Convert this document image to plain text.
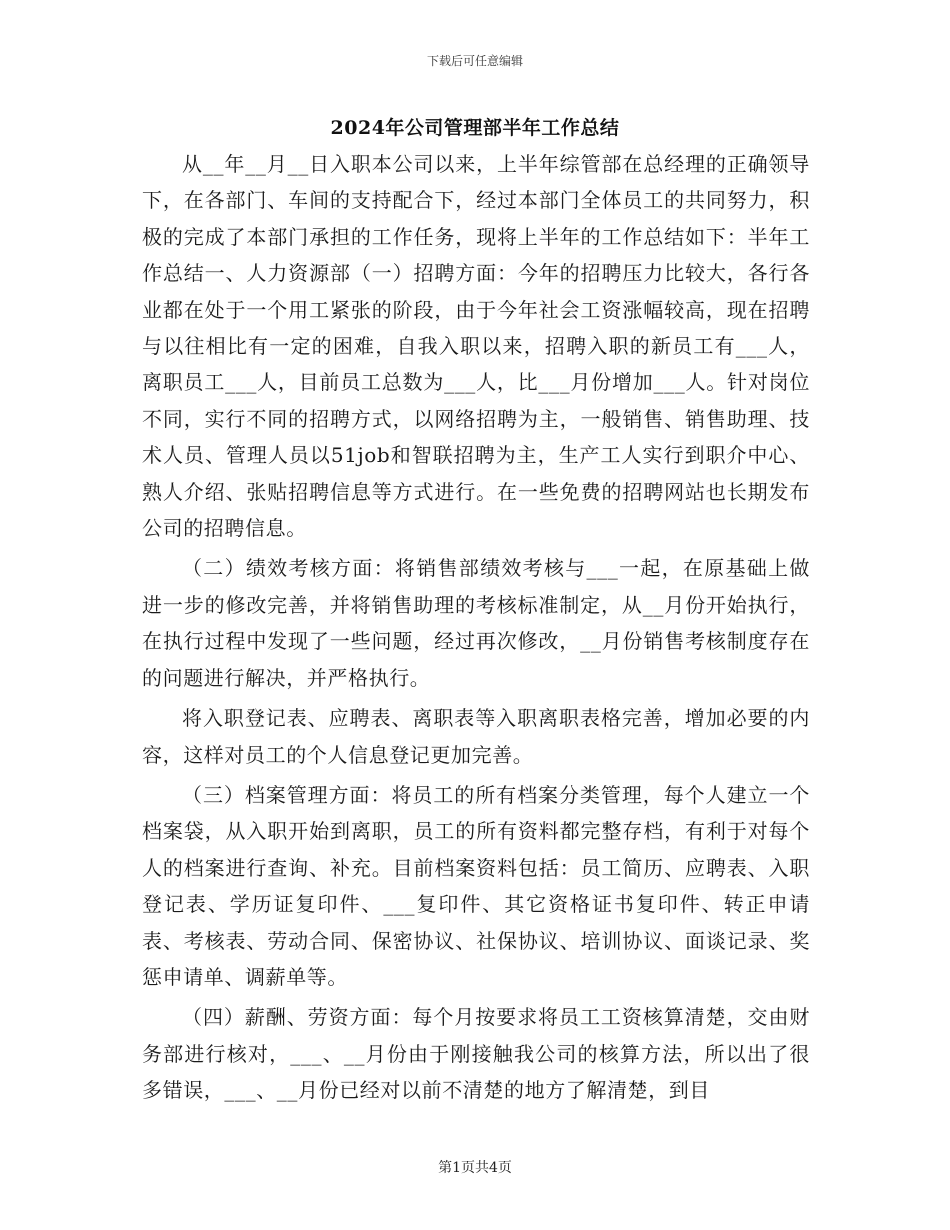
下载后可任意编辑
2024年公司管理部半年工作总结

从__年__月__日入职本公司以来，上半年综管部在总经理的正确领导下，在各部门、车间的支持配合下，经过本部门全体员工的共同努力，积极的完成了本部门承担的工作任务，现将上半年的工作总结如下：半年工作总结一、人力资源部（一）招聘方面：今年的招聘压力比较大，各行各业都在处于一个用工紧张的阶段，由于今年社会工资涨幅较高，现在招聘与以往相比有一定的困难，自我入职以来，招聘入职的新员工有___人，离职员工___人，目前员工总数为___人，比___月份增加___人。针对岗位不同，实行不同的招聘方式，以网络招聘为主，一般销售、销售助理、技术人员、管理人员以51job和智联招聘为主，生产工人实行到职介中心、熟人介绍、张贴招聘信息等方式进行。在一些免费的招聘网站也长期发布公司的招聘信息。

（二）绩效考核方面：将销售部绩效考核与___一起，在原基础上做进一步的修改完善，并将销售助理的考核标准制定，从__月份开始执行，在执行过程中发现了一些问题，经过再次修改，__月份销售考核制度存在的问题进行解决，并严格执行。

将入职登记表、应聘表、离职表等入职离职表格完善，增加必要的内容，这样对员工的个人信息登记更加完善。

（三）档案管理方面：将员工的所有档案分类管理，每个人建立一个档案袋，从入职开始到离职，员工的所有资料都完整存档，有利于对每个人的档案进行查询、补充。目前档案资料包括：员工简历、应聘表、入职登记表、学历证复印件、___复印件、其它资格证书复印件、转正申请表、考核表、劳动合同、保密协议、社保协议、培训协议、面谈记录、奖惩申请单、调薪单等。

（四）薪酬、劳资方面：每个月按要求将员工工资核算清楚，交由财务部进行核对，___、__月份由于刚接触我公司的核算方法，所以出了很多错误，___、__月份已经对以前不清楚的地方了解清楚，到目

第1页共4页
